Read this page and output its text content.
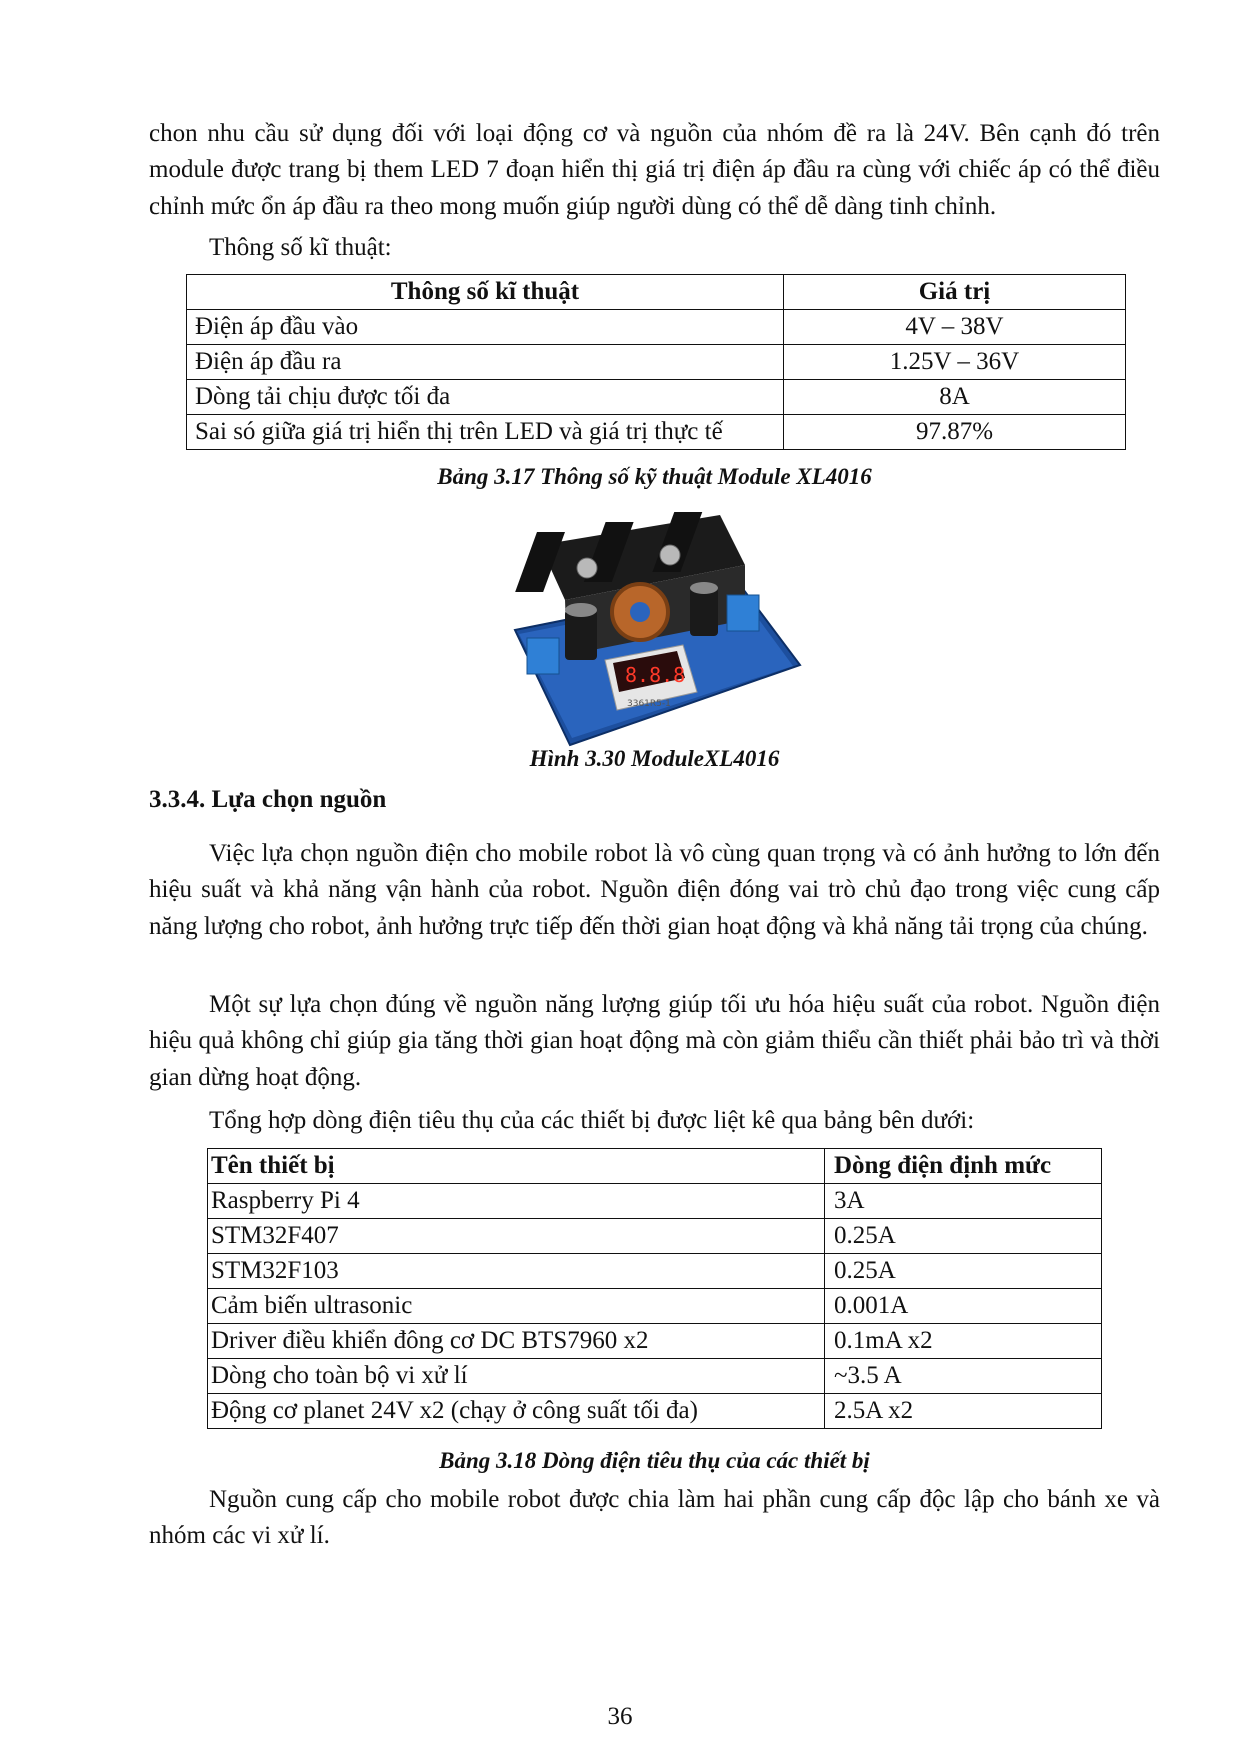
chon nhu cầu sử dụng đối với loại động cơ và nguồn của nhóm đề ra là 24V. Bên cạnh đó trên module được trang bị them LED 7 đoạn hiển thị giá trị điện áp đầu ra cùng với chiếc áp có thể điều chỉnh mức ổn áp đầu ra theo mong muốn giúp người dùng có thể dễ dàng tinh chỉnh.

Thông số kĩ thuật:

Thông số kĩ thuật	Giá trị
Điện áp đầu vào	4V – 38V
Điện áp đầu ra	1.25V – 36V
Dòng tải chịu được tối đa	8A
Sai só giữa giá trị hiển thị trên LED và giá trị thực tế	97.87%

Bảng 3.17 Thông số kỹ thuật Module XL4016

8.8.8
3361R5-1

Hình 3.30 ModuleXL4016

3.3.4. Lựa chọn nguồn

Việc lựa chọn nguồn điện cho mobile robot là vô cùng quan trọng và có ảnh hưởng to lớn đến hiệu suất và khả năng vận hành của robot. Nguồn điện đóng vai trò chủ đạo trong việc cung cấp năng lượng cho robot, ảnh hưởng trực tiếp đến thời gian hoạt động và khả năng tải trọng của chúng.

Một sự lựa chọn đúng về nguồn năng lượng giúp tối ưu hóa hiệu suất của robot. Nguồn điện hiệu quả không chỉ giúp gia tăng thời gian hoạt động mà còn giảm thiểu cần thiết phải bảo trì và thời gian dừng hoạt động.

Tổng hợp dòng điện tiêu thụ của các thiết bị được liệt kê qua bảng bên dưới:

Tên thiết bị	Dòng điện định mức
Raspberry Pi 4	3A
STM32F407	0.25A
STM32F103	0.25A
Cảm biến ultrasonic	0.001A
Driver điều khiển đông cơ DC BTS7960 x2	0.1mA x2
Dòng cho toàn bộ vi xử lí	~3.5 A
Động cơ planet 24V x2 (chạy ở công suất tối đa)	2.5A x2

Bảng 3.18 Dòng điện tiêu thụ của các thiết bị

Nguồn cung cấp cho mobile robot được chia làm hai phần cung cấp độc lập cho bánh xe và nhóm các vi xử lí.

36
